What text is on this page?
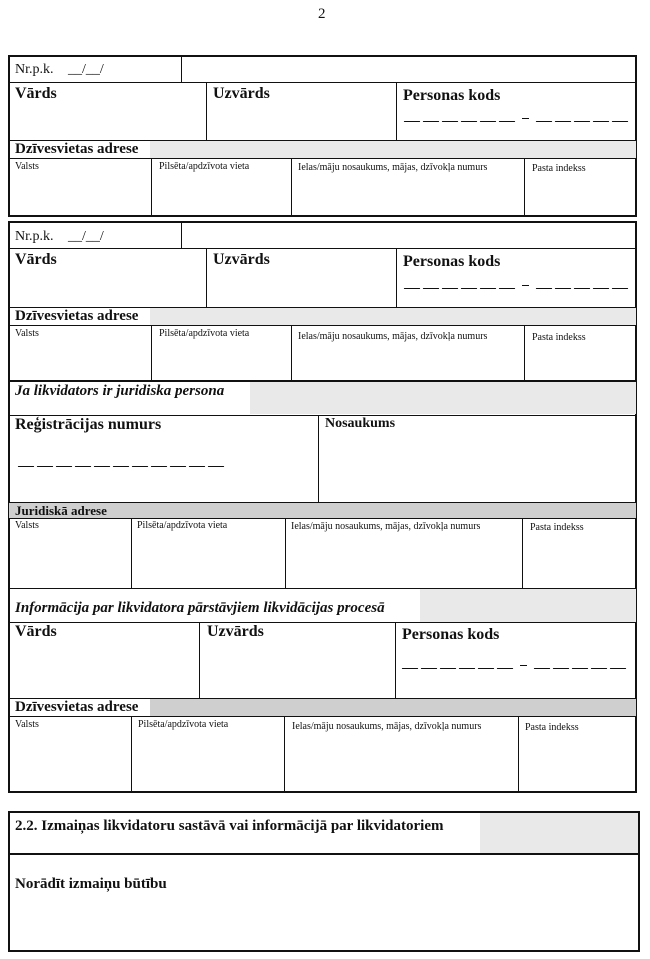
2
Nr.p.k. __/__/
Vārds	Uzvārds	Personas kods
Dzīvesvietas adrese
Valsts	Pilsēta/apdzīvota vieta	Ielas/māju nosaukums, mājas, dzīvokļa numurs	Pasta indekss
Nr.p.k. __/__/
Vārds	Uzvārds	Personas kods
Dzīvesvietas adrese
Valsts	Pilsēta/apdzīvota vieta	Ielas/māju nosaukums, mājas, dzīvokļa numurs	Pasta indekss
Ja likvidators ir juridiska persona
Reģistrācijas numurs	Nosaukums
Juridiskā adrese
Valsts	Pilsēta/apdzīvota vieta	Ielas/māju nosaukums, mājas, dzīvokļa numurs	Pasta indekss
Informācija par likvidatora pārstāvjiem likvidācijas procesā
Vārds	Uzvārds	Personas kods
Dzīvesvietas adrese
Valsts	Pilsēta/apdzīvota vieta	Ielas/māju nosaukums, mājas, dzīvokļa numurs	Pasta indekss
2.2. Izmaiņas likvidatoru sastāvā vai informācijā par likvidatoriem
Norādīt izmaiņu būtību
